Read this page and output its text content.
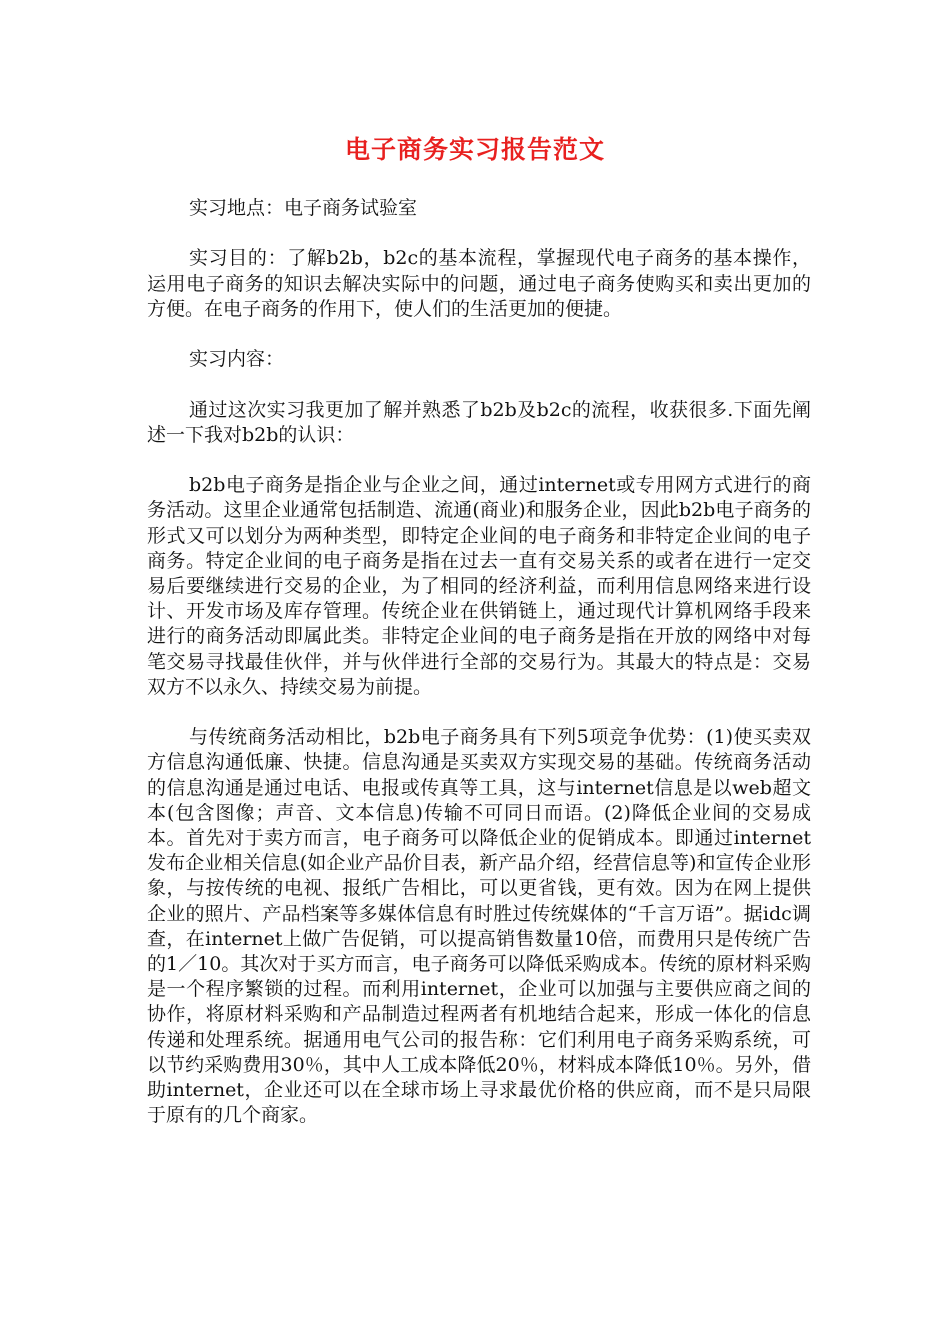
电子商务实习报告范文

实习地点：电子商务试验室

实习目的：了解b2b，b2c的基本流程，掌握现代电子商务的基本操作，运用电子商务的知识去解决实际中的问题，通过电子商务使购买和卖出更加的方便。在电子商务的作用下，使人们的生活更加的便捷。

实习内容：

通过这次实习我更加了解并熟悉了b2b及b2c的流程，收获很多.下面先阐述一下我对b2b的认识：

b2b电子商务是指企业与企业之间，通过internet或专用网方式进行的商务活动。这里企业通常包括制造、流通(商业)和服务企业，因此b2b电子商务的形式又可以划分为两种类型，即特定企业间的电子商务和非特定企业间的电子商务。特定企业间的电子商务是指在过去一直有交易关系的或者在进行一定交易后要继续进行交易的企业，为了相同的经济利益，而利用信息网络来进行设计、开发市场及库存管理。传统企业在供销链上，通过现代计算机网络手段来进行的商务活动即属此类。非特定企业间的电子商务是指在开放的网络中对每笔交易寻找最佳伙伴，并与伙伴进行全部的交易行为。其最大的特点是：交易双方不以永久、持续交易为前提。

与传统商务活动相比，b2b电子商务具有下列5项竞争优势：(1)使买卖双方信息沟通低廉、快捷。信息沟通是买卖双方实现交易的基础。传统商务活动的信息沟通是通过电话、电报或传真等工具，这与internet信息是以web超文本(包含图像；声音、文本信息)传输不可同日而语。(2)降低企业间的交易成本。首先对于卖方而言，电子商务可以降低企业的促销成本。即通过internet发布企业相关信息(如企业产品价目表，新产品介绍，经营信息等)和宣传企业形象，与按传统的电视、报纸广告相比，可以更省钱，更有效。因为在网上提供企业的照片、产品档案等多媒体信息有时胜过传统媒体的“千言万语”。据idc调查，在internet上做广告促销，可以提高销售数量10倍，而费用只是传统广告的1／10。其次对于买方而言，电子商务可以降低采购成本。传统的原材料采购是一个程序繁锁的过程。而利用internet，企业可以加强与主要供应商之间的协作，将原材料采购和产品制造过程两者有机地结合起来，形成一体化的信息传递和处理系统。据通用电气公司的报告称：它们利用电子商务采购系统，可以节约采购费用30％，其中人工成本降低20％，材料成本降低10％。另外，借助internet，企业还可以在全球市场上寻求最优价格的供应商，而不是只局限于原有的几个商家。
